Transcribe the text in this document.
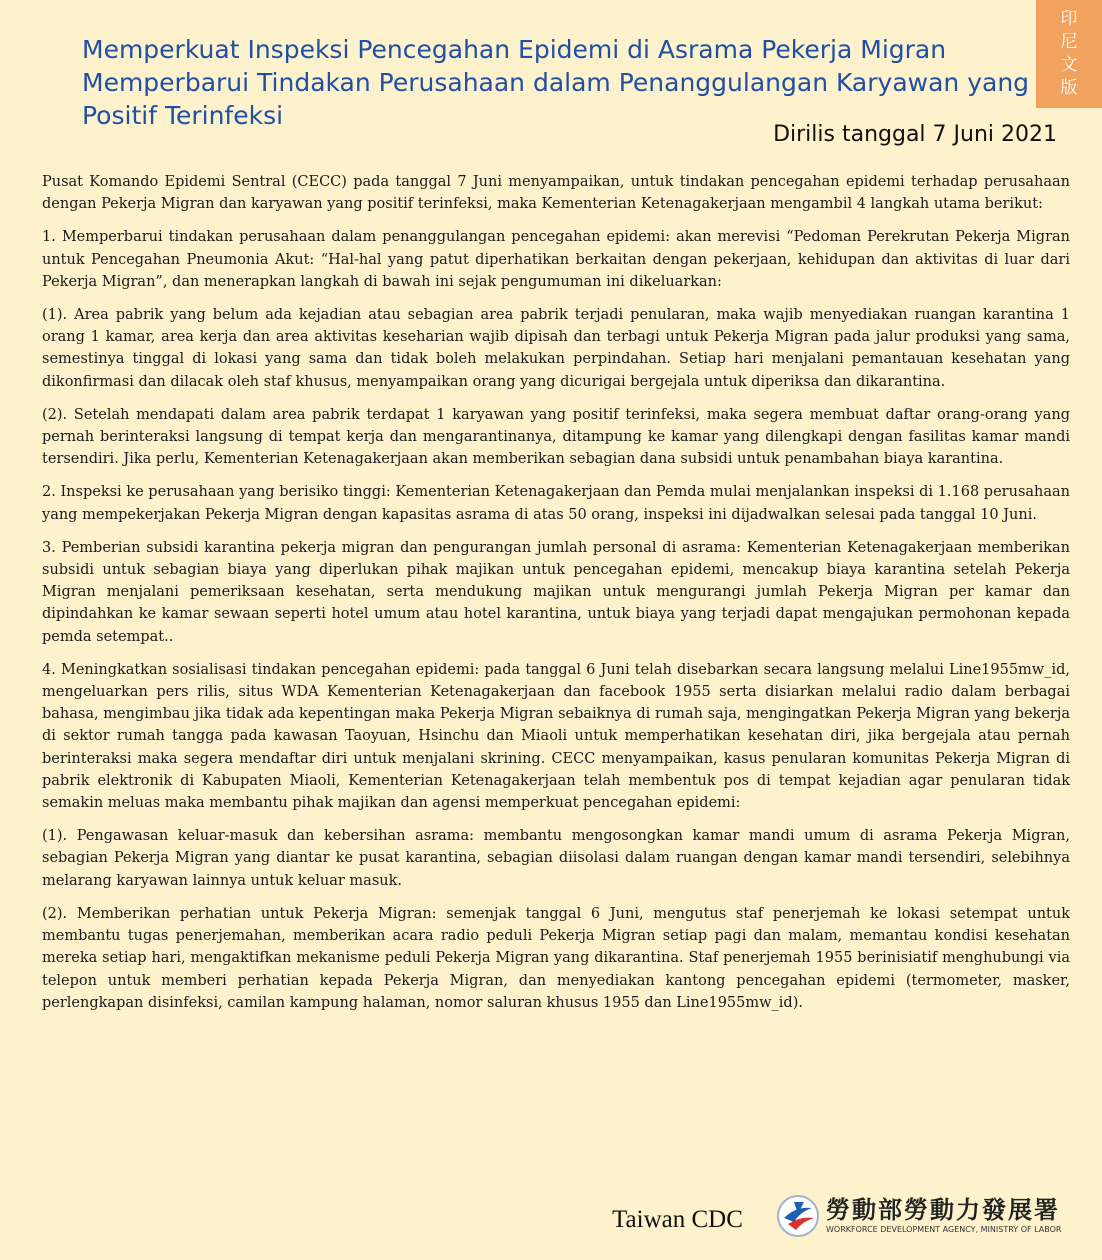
印
尼
文
版
Memperkuat Inspeksi Pencegahan Epidemi di Asrama Pekerja Migran
Memperbarui Tindakan Perusahaan dalam Penanggulangan Karyawan yang
Positif Terinfeksi
Dirilis tanggal 7 Juni 2021

Pusat Komando Epidemi Sentral (CECC) pada tanggal 7 Juni menyampaikan, untuk tindakan pencegahan epidemi terhadap perusahaan dengan Pekerja Migran dan karyawan yang positif terinfeksi, maka Kementerian Ketenagakerjaan mengambil 4 langkah utama berikut:

1. Memperbarui tindakan perusahaan dalam penanggulangan pencegahan epidemi: akan merevisi “Pedoman Perekrutan Pekerja Migran untuk Pencegahan Pneumonia Akut: “Hal-hal yang patut diperhatikan berkaitan dengan pekerjaan, kehidupan dan aktivitas di luar dari Pekerja Migran”, dan menerapkan langkah di bawah ini sejak pengumuman ini dikeluarkan:

(1). Area pabrik yang belum ada kejadian atau sebagian area pabrik terjadi penularan, maka wajib menyediakan ruangan karantina 1 orang 1 kamar, area kerja dan area aktivitas keseharian wajib dipisah dan terbagi untuk Pekerja Migran pada jalur produksi yang sama, semestinya tinggal di lokasi yang sama dan tidak boleh melakukan perpindahan. Setiap hari menjalani pemantauan kesehatan yang dikonfirmasi dan dilacak oleh staf khusus, menyampaikan orang yang dicurigai bergejala untuk diperiksa dan dikarantina.

(2). Setelah mendapati dalam area pabrik terdapat 1 karyawan yang positif terinfeksi, maka segera membuat daftar orang-orang yang pernah berinteraksi langsung di tempat kerja dan mengarantinanya, ditampung ke kamar yang dilengkapi dengan fasilitas kamar mandi tersendiri. Jika perlu, Kementerian Ketenagakerjaan akan memberikan sebagian dana subsidi untuk penambahan biaya karantina.

2. Inspeksi ke perusahaan yang berisiko tinggi: Kementerian Ketenagakerjaan dan Pemda mulai menjalankan inspeksi di 1.168 perusahaan yang mempekerjakan Pekerja Migran dengan kapasitas asrama di atas 50 orang, inspeksi ini dijadwalkan selesai pada tanggal 10 Juni.

3. Pemberian subsidi karantina pekerja migran dan pengurangan jumlah personal di asrama: Kementerian Ketenagakerjaan memberikan subsidi untuk sebagian biaya yang diperlukan pihak majikan untuk pencegahan epidemi, mencakup biaya karantina setelah Pekerja Migran menjalani pemeriksaan kesehatan, serta mendukung majikan untuk mengurangi jumlah Pekerja Migran per kamar dan dipindahkan ke kamar sewaan seperti hotel umum atau hotel karantina, untuk biaya yang terjadi dapat mengajukan permohonan kepada pemda setempat..

4. Meningkatkan sosialisasi tindakan pencegahan epidemi: pada tanggal 6 Juni telah disebarkan secara langsung melalui Line1955mw_id, mengeluarkan pers rilis, situs WDA Kementerian Ketenagakerjaan dan facebook 1955 serta disiarkan melalui radio dalam berbagai bahasa, mengimbau jika tidak ada kepentingan maka Pekerja Migran sebaiknya di rumah saja, mengingatkan Pekerja Migran yang bekerja di sektor rumah tangga pada kawasan Taoyuan, Hsinchu dan Miaoli untuk memperhatikan kesehatan diri, jika bergejala atau pernah berinteraksi maka segera mendaftar diri untuk menjalani skrining. CECC menyampaikan, kasus penularan komunitas Pekerja Migran di pabrik elektronik di Kabupaten Miaoli, Kementerian Ketenagakerjaan telah membentuk pos di tempat kejadian agar penularan tidak semakin meluas maka membantu pihak majikan dan agensi memperkuat pencegahan epidemi:

(1). Pengawasan keluar-masuk dan kebersihan asrama: membantu mengosongkan kamar mandi umum di asrama Pekerja Migran, sebagian Pekerja Migran yang diantar ke pusat karantina, sebagian diisolasi dalam ruangan dengan kamar mandi tersendiri, selebihnya melarang karyawan lainnya untuk keluar masuk.

(2). Memberikan perhatian untuk Pekerja Migran: semenjak tanggal 6 Juni, mengutus staf penerjemah ke lokasi setempat untuk membantu tugas penerjemahan, memberikan acara radio peduli Pekerja Migran setiap pagi dan malam, memantau kondisi kesehatan mereka setiap hari, mengaktifkan mekanisme peduli Pekerja Migran yang dikarantina. Staf penerjemah 1955 berinisiatif menghubungi via telepon untuk memberi perhatian kepada Pekerja Migran, dan menyediakan kantong pencegahan epidemi (termometer, masker, perlengkapan disinfeksi, camilan kampung halaman, nomor saluran khusus 1955 dan Line1955mw_id).

Taiwan CDC	勞動部勞動力發展署
WORKFORCE DEVELOPMENT AGENCY, MINISTRY OF LABOR
